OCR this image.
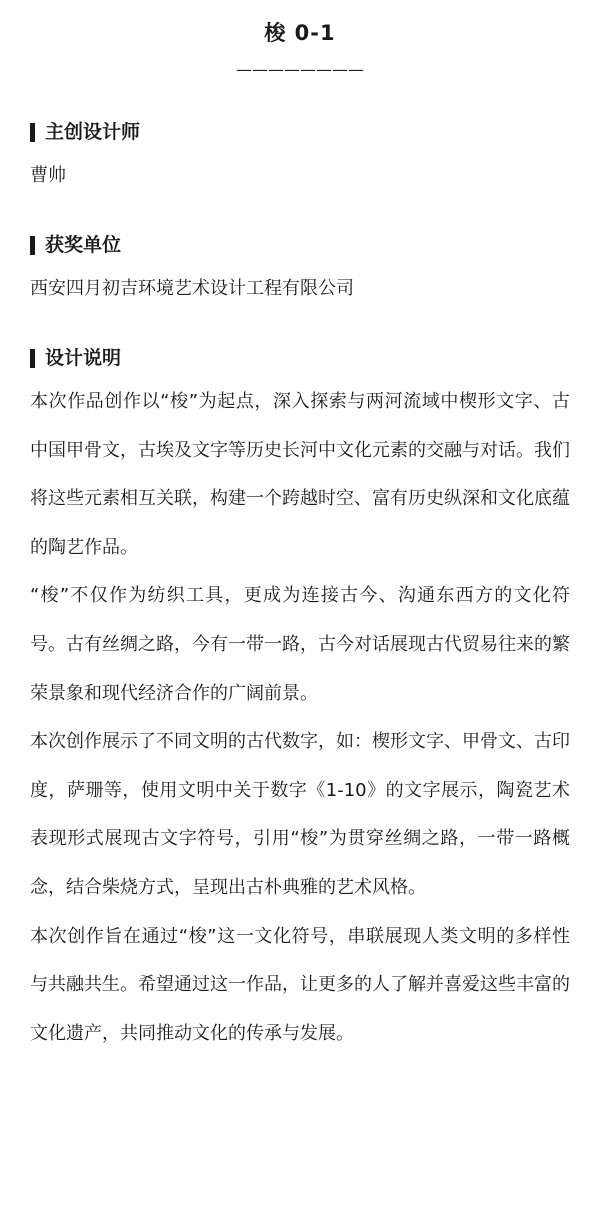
梭 0-1
————————
主创设计师
曹帅
获奖单位
西安四月初吉环境艺术设计工程有限公司
设计说明

本次作品创作以“梭”为起点，深入探索与两河流域中楔形文字、古中国甲骨文，古埃及文字等历史长河中文化元素的交融与对话。我们将这些元素相互关联，构建一个跨越时空、富有历史纵深和文化底蕴的陶艺作品。

“梭”不仅作为纺织工具，更成为连接古今、沟通东西方的文化符号。古有丝绸之路，今有一带一路，古今对话展现古代贸易往来的繁荣景象和现代经济合作的广阔前景。

本次创作展示了不同文明的古代数字，如：楔形文字、甲骨文、古印度，萨珊等，使用文明中关于数字《1-10》的文字展示，陶瓷艺术表现形式展现古文字符号，引用“梭”为贯穿丝绸之路，一带一路概念，结合柴烧方式，呈现出古朴典雅的艺术风格。

本次创作旨在通过“梭”这一文化符号，串联展现人类文明的多样性与共融共生。希望通过这一作品，让更多的人了解并喜爱这些丰富的文化遗产，共同推动文化的传承与发展。
